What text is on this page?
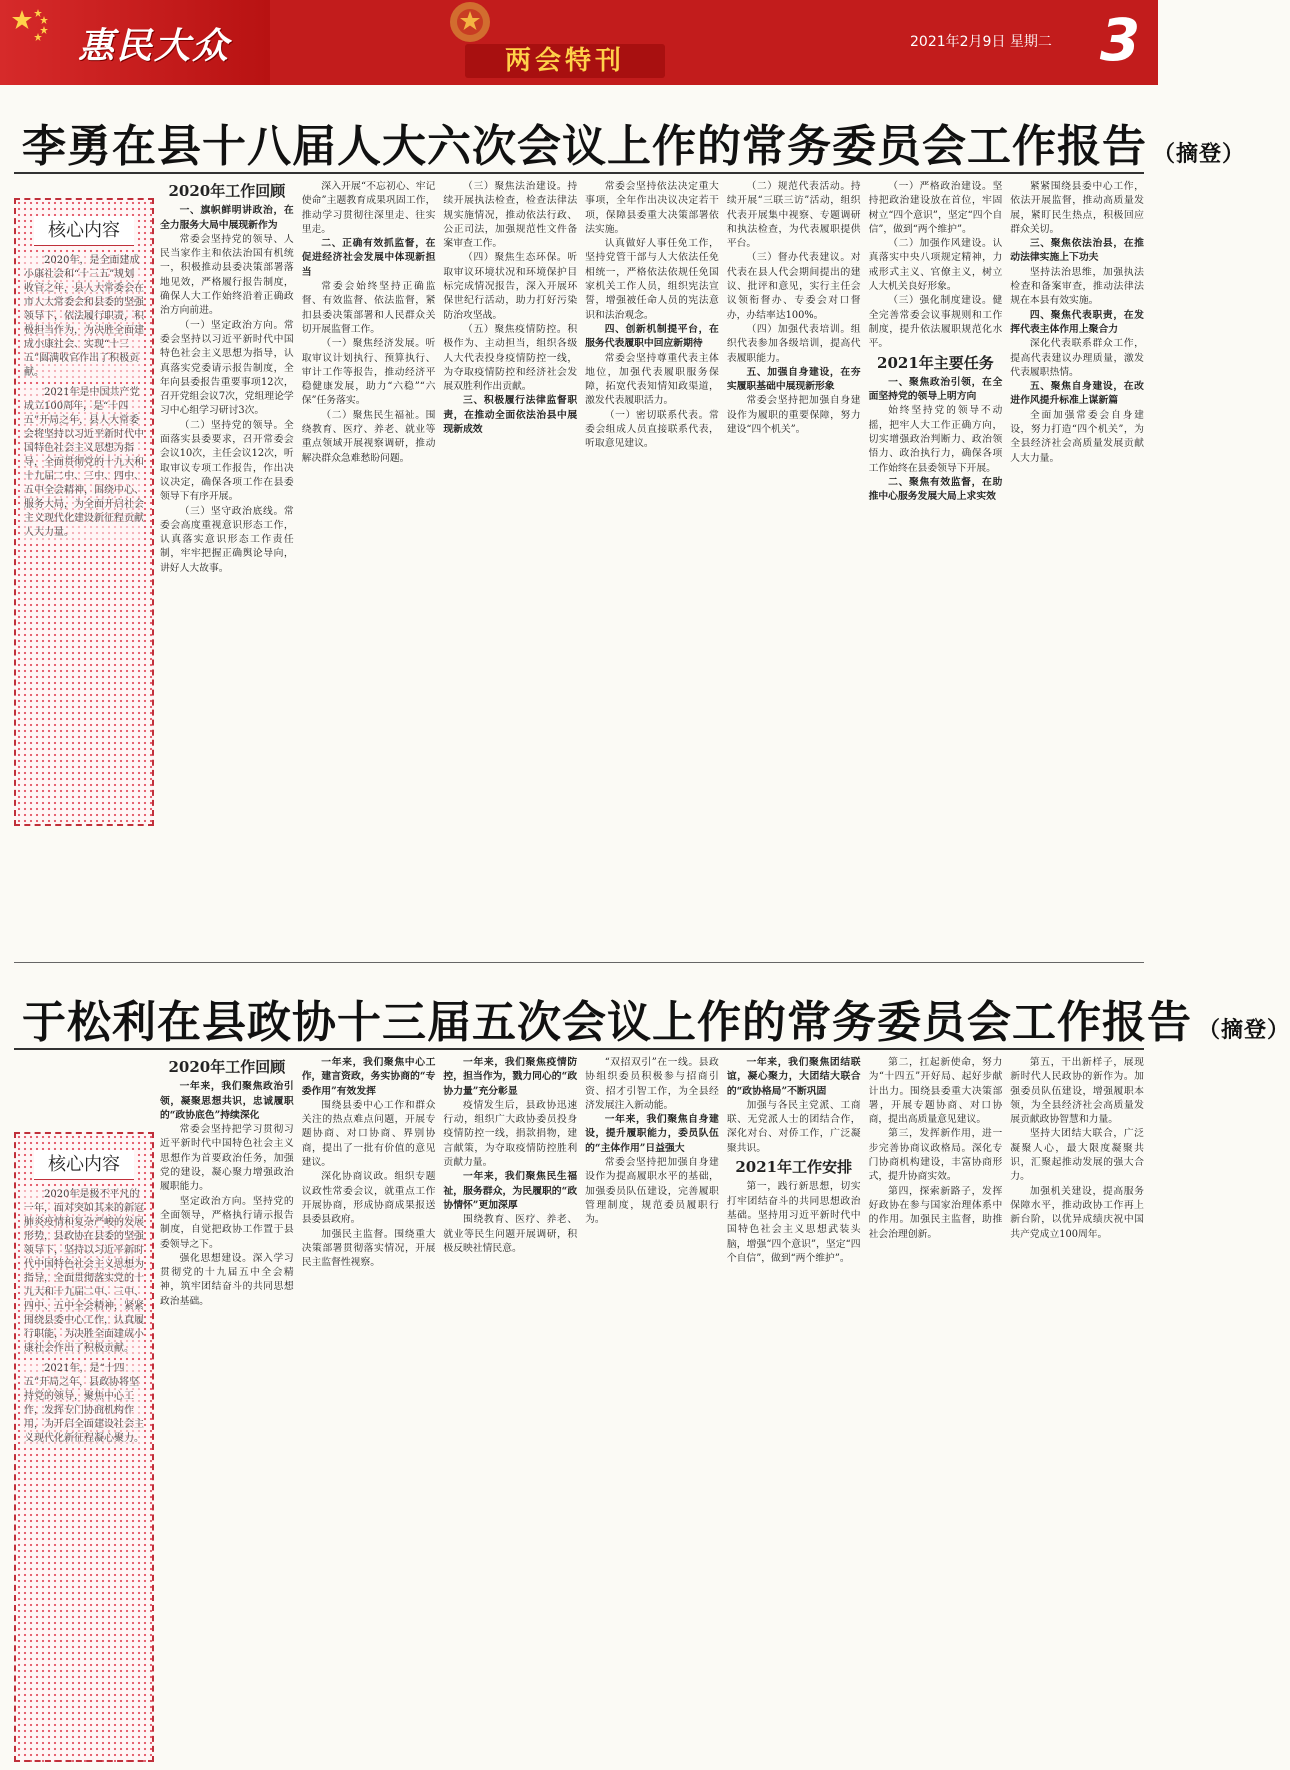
惠民大众	两会特刊
2021年2月9日 星期二 3
李勇在县十八届人大六次会议上作的常务委员会工作报告 （摘登）
核心内容

2020年，是全面建成小康社会和“十三五”规划收官之年，县人大常委会在市人大常委会和县委的坚强领导下，依法履行职责，积极担当作为，为决胜全面建成小康社会、实现“十三五”圆满收官作出了积极贡献。

2021年是中国共产党成立100周年，是“十四五”开局之年，县人大常委会将坚持以习近平新时代中国特色社会主义思想为指导，全面贯彻党的十九大和十九届二中、三中、四中、五中全会精神，围绕中心、服务大局，为全面开启社会主义现代化建设新征程贡献人大力量。

2020年工作回顾

一、旗帜鲜明讲政治，在全力服务大局中展现新作为

常委会坚持党的领导、人民当家作主和依法治国有机统一，积极推动县委决策部署落地见效，严格履行报告制度，确保人大工作始终沿着正确政治方向前进。

（一）坚定政治方向。常委会坚持以习近平新时代中国特色社会主义思想为指导，认真落实党委请示报告制度，全年向县委报告重要事项12次，召开党组会议7次，党组理论学习中心组学习研讨3次。

（二）坚持党的领导。全面落实县委要求，召开常委会会议10次，主任会议12次，听取审议专项工作报告，作出决议决定，确保各项工作在县委领导下有序开展。

（三）坚守政治底线。常委会高度重视意识形态工作，认真落实意识形态工作责任制，牢牢把握正确舆论导向，讲好人大故事。

深入开展“不忘初心、牢记使命”主题教育成果巩固工作，推动学习贯彻往深里走、往实里走。

二、正确有效抓监督，在促进经济社会发展中体现新担当

常委会始终坚持正确监督、有效监督、依法监督，紧扣县委决策部署和人民群众关切开展监督工作。

（一）聚焦经济发展。听取审议计划执行、预算执行、审计工作等报告，推动经济平稳健康发展，助力“六稳”“六保”任务落实。

（二）聚焦民生福祉。围绕教育、医疗、养老、就业等重点领域开展视察调研，推动解决群众急难愁盼问题。

（三）聚焦法治建设。持续开展执法检查，检查法律法规实施情况，推动依法行政、公正司法，加强规范性文件备案审查工作。

（四）聚焦生态环保。听取审议环境状况和环境保护目标完成情况报告，深入开展环保世纪行活动，助力打好污染防治攻坚战。

（五）聚焦疫情防控。积极作为、主动担当，组织各级人大代表投身疫情防控一线，为夺取疫情防控和经济社会发展双胜利作出贡献。

三、积极履行法律监督职责，在推动全面依法治县中展现新成效

常委会坚持依法决定重大事项，全年作出决议决定若干项，保障县委重大决策部署依法实施。

认真做好人事任免工作，坚持党管干部与人大依法任免相统一，严格依法依规任免国家机关工作人员，组织宪法宣誓，增强被任命人员的宪法意识和法治观念。

四、创新机制提平台，在服务代表履职中回应新期待

常委会坚持尊重代表主体地位，加强代表履职服务保障，拓宽代表知情知政渠道，激发代表履职活力。

（一）密切联系代表。常委会组成人员直接联系代表，听取意见建议。

（二）规范代表活动。持续开展“三联三访”活动，组织代表开展集中视察、专题调研和执法检查，为代表履职提供平台。

（三）督办代表建议。对代表在县人代会期间提出的建议、批评和意见，实行主任会议领衔督办、专委会对口督办，办结率达100%。

（四）加强代表培训。组织代表参加各级培训，提高代表履职能力。

五、加强自身建设，在夯实履职基础中展现新形象

常委会坚持把加强自身建设作为履职的重要保障，努力建设“四个机关”。

（一）严格政治建设。坚持把政治建设放在首位，牢固树立“四个意识”，坚定“四个自信”，做到“两个维护”。

（二）加强作风建设。认真落实中央八项规定精神，力戒形式主义、官僚主义，树立人大机关良好形象。

（三）强化制度建设。健全完善常委会议事规则和工作制度，提升依法履职规范化水平。

2021年主要任务

一、聚焦政治引领，在全面坚持党的领导上明方向

始终坚持党的领导不动摇，把牢人大工作正确方向，切实增强政治判断力、政治领悟力、政治执行力，确保各项工作始终在县委领导下开展。

二、聚焦有效监督，在助推中心服务发展大局上求实效

紧紧围绕县委中心工作，依法开展监督，推动高质量发展，紧盯民生热点，积极回应群众关切。

三、聚焦依法治县，在推动法律实施上下功夫

坚持法治思维，加强执法检查和备案审查，推动法律法规在本县有效实施。

四、聚焦代表职责，在发挥代表主体作用上聚合力

深化代表联系群众工作，提高代表建议办理质量，激发代表履职热情。

五、聚焦自身建设，在改进作风提升标准上谋新篇

全面加强常委会自身建设，努力打造“四个机关”，为全县经济社会高质量发展贡献人大力量。

于松利在县政协十三届五次会议上作的常务委员会工作报告 （摘登）
核心内容

2020年是极不平凡的一年，面对突如其来的新冠肺炎疫情和复杂严峻的发展形势，县政协在县委的坚强领导下，坚持以习近平新时代中国特色社会主义思想为指导，全面贯彻落实党的十九大和十九届二中、三中、四中、五中全会精神，紧紧围绕县委中心工作，认真履行职能，为决胜全面建成小康社会作出了积极贡献。

2021年，是“十四五”开局之年，县政协将坚持党的领导，聚焦中心工作，发挥专门协商机构作用，为开启全面建设社会主义现代化新征程凝心聚力。

2020年工作回顾

一年来，我们聚焦政治引领，凝聚思想共识，忠诚履职的“政协底色”持续深化

常委会坚持把学习贯彻习近平新时代中国特色社会主义思想作为首要政治任务，加强党的建设，凝心聚力增强政治履职能力。

坚定政治方向。坚持党的全面领导，严格执行请示报告制度，自觉把政协工作置于县委领导之下。

强化思想建设。深入学习贯彻党的十九届五中全会精神，筑牢团结奋斗的共同思想政治基础。

一年来，我们聚焦中心工作，建言资政，务实协商的“专委作用”有效发挥

围绕县委中心工作和群众关注的热点难点问题，开展专题协商、对口协商、界别协商，提出了一批有价值的意见建议。

深化协商议政。组织专题议政性常委会议，就重点工作开展协商，形成协商成果报送县委县政府。

加强民主监督。围绕重大决策部署贯彻落实情况，开展民主监督性视察。

一年来，我们聚焦疫情防控，担当作为，戮力同心的“政协力量”充分彰显

疫情发生后，县政协迅速行动，组织广大政协委员投身疫情防控一线，捐款捐物，建言献策，为夺取疫情防控胜利贡献力量。

一年来，我们聚焦民生福祉，服务群众，为民履职的“政协情怀”更加深厚

围绕教育、医疗、养老、就业等民生问题开展调研，积极反映社情民意。

“双招双引”在一线。县政协组织委员积极参与招商引资、招才引智工作，为全县经济发展注入新动能。

一年来，我们聚焦自身建设，提升履职能力，委员队伍的“主体作用”日益强大

常委会坚持把加强自身建设作为提高履职水平的基础，加强委员队伍建设，完善履职管理制度，规范委员履职行为。

一年来，我们聚焦团结联谊，凝心聚力，大团结大联合的“政协格局”不断巩固

加强与各民主党派、工商联、无党派人士的团结合作，深化对台、对侨工作，广泛凝聚共识。

2021年工作安排

第一，践行新思想，切实打牢团结奋斗的共同思想政治基础。坚持用习近平新时代中国特色社会主义思想武装头脑，增强“四个意识”，坚定“四个自信”，做到“两个维护”。

第二，扛起新使命，努力为“十四五”开好局、起好步献计出力。围绕县委重大决策部署，开展专题协商、对口协商，提出高质量意见建议。

第三，发挥新作用，进一步完善协商议政格局。深化专门协商机构建设，丰富协商形式，提升协商实效。

第四，探索新路子，发挥好政协在参与国家治理体系中的作用。加强民主监督，助推社会治理创新。

第五，干出新样子，展现新时代人民政协的新作为。加强委员队伍建设，增强履职本领，为全县经济社会高质量发展贡献政协智慧和力量。

坚持大团结大联合，广泛凝聚人心，最大限度凝聚共识，汇聚起推动发展的强大合力。

加强机关建设，提高服务保障水平，推动政协工作再上新台阶，以优异成绩庆祝中国共产党成立100周年。
